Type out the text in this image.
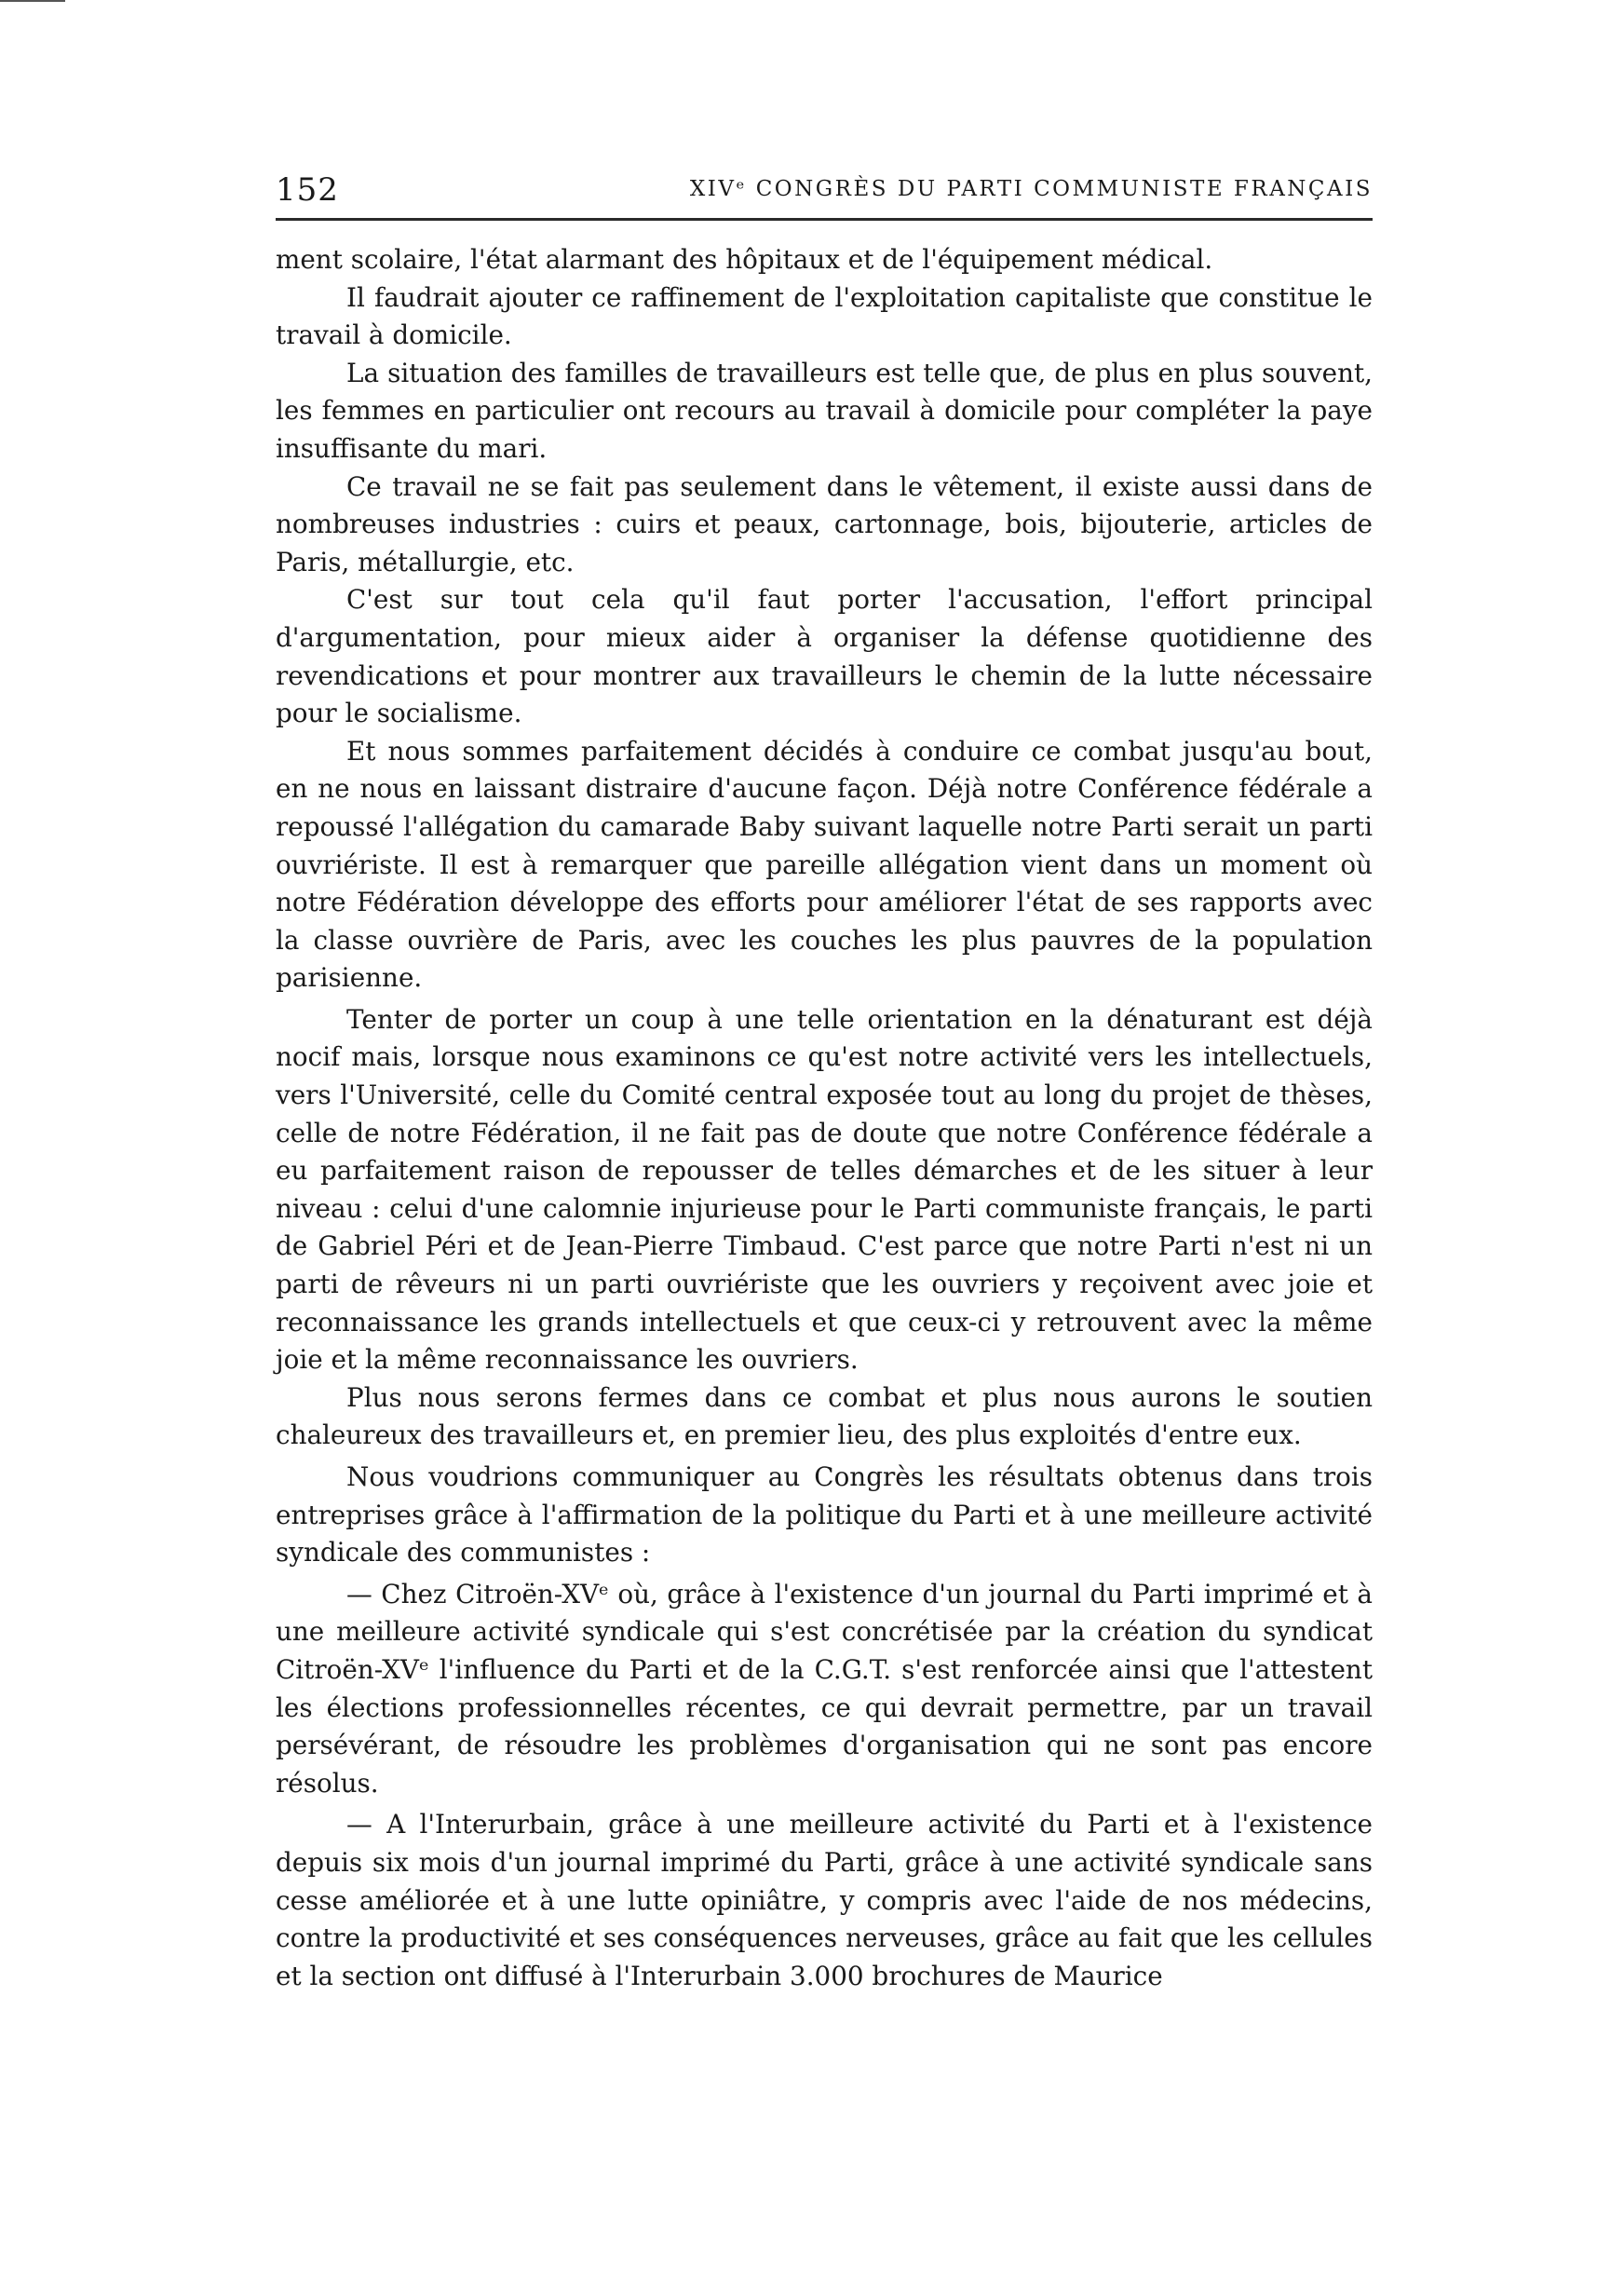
152	XIVᵉ CONGRÈS DU PARTI COMMUNISTE FRANÇAIS

ment scolaire, l'état alarmant des hôpitaux et de l'équipement médical.

Il faudrait ajouter ce raffinement de l'exploitation capitaliste que constitue le travail à domicile.

La situation des familles de travailleurs est telle que, de plus en plus souvent, les femmes en particulier ont recours au travail à domicile pour compléter la paye insuffisante du mari.

Ce travail ne se fait pas seulement dans le vêtement, il existe aussi dans de nombreuses industries : cuirs et peaux, cartonnage, bois, bijouterie, articles de Paris, métallurgie, etc.

C'est sur tout cela qu'il faut porter l'accusation, l'effort principal d'argumentation, pour mieux aider à organiser la défense quotidienne des revendications et pour montrer aux travailleurs le chemin de la lutte nécessaire pour le socialisme.

Et nous sommes parfaitement décidés à conduire ce combat jusqu'au bout, en ne nous en laissant distraire d'aucune façon. Déjà notre Conférence fédérale a repoussé l'allégation du camarade Baby suivant laquelle notre Parti serait un parti ouvriériste. Il est à remarquer que pareille allégation vient dans un moment où notre Fédération développe des efforts pour améliorer l'état de ses rapports avec la classe ouvrière de Paris, avec les couches les plus pauvres de la population parisienne.

Tenter de porter un coup à une telle orientation en la dénaturant est déjà nocif mais, lorsque nous examinons ce qu'est notre activité vers les intellectuels, vers l'Université, celle du Comité central exposée tout au long du projet de thèses, celle de notre Fédération, il ne fait pas de doute que notre Conférence fédérale a eu parfaitement raison de repousser de telles démarches et de les situer à leur niveau : celui d'une calomnie injurieuse pour le Parti communiste français, le parti de Gabriel Péri et de Jean-Pierre Timbaud. C'est parce que notre Parti n'est ni un parti de rêveurs ni un parti ouvriériste que les ouvriers y reçoivent avec joie et reconnaissance les grands intellectuels et que ceux-ci y retrouvent avec la même joie et la même reconnaissance les ouvriers.

Plus nous serons fermes dans ce combat et plus nous aurons le soutien chaleureux des travailleurs et, en premier lieu, des plus exploités d'entre eux.

Nous voudrions communiquer au Congrès les résultats obtenus dans trois entreprises grâce à l'affirmation de la politique du Parti et à une meilleure activité syndicale des communistes :

— Chez Citroën-XVᵉ où, grâce à l'existence d'un journal du Parti imprimé et à une meilleure activité syndicale qui s'est concrétisée par la création du syndicat Citroën-XVᵉ l'influence du Parti et de la C.G.T. s'est renforcée ainsi que l'attestent les élections professionnelles récentes, ce qui devrait permettre, par un travail persévérant, de résoudre les problèmes d'organisation qui ne sont pas encore résolus.

— A l'Interurbain, grâce à une meilleure activité du Parti et à l'existence depuis six mois d'un journal imprimé du Parti, grâce à une activité syndicale sans cesse améliorée et à une lutte opiniâtre, y compris avec l'aide de nos médecins, contre la productivité et ses conséquences nerveuses, grâce au fait que les cellules et la section ont diffusé à l'Interurbain 3.000 brochures de Maurice
